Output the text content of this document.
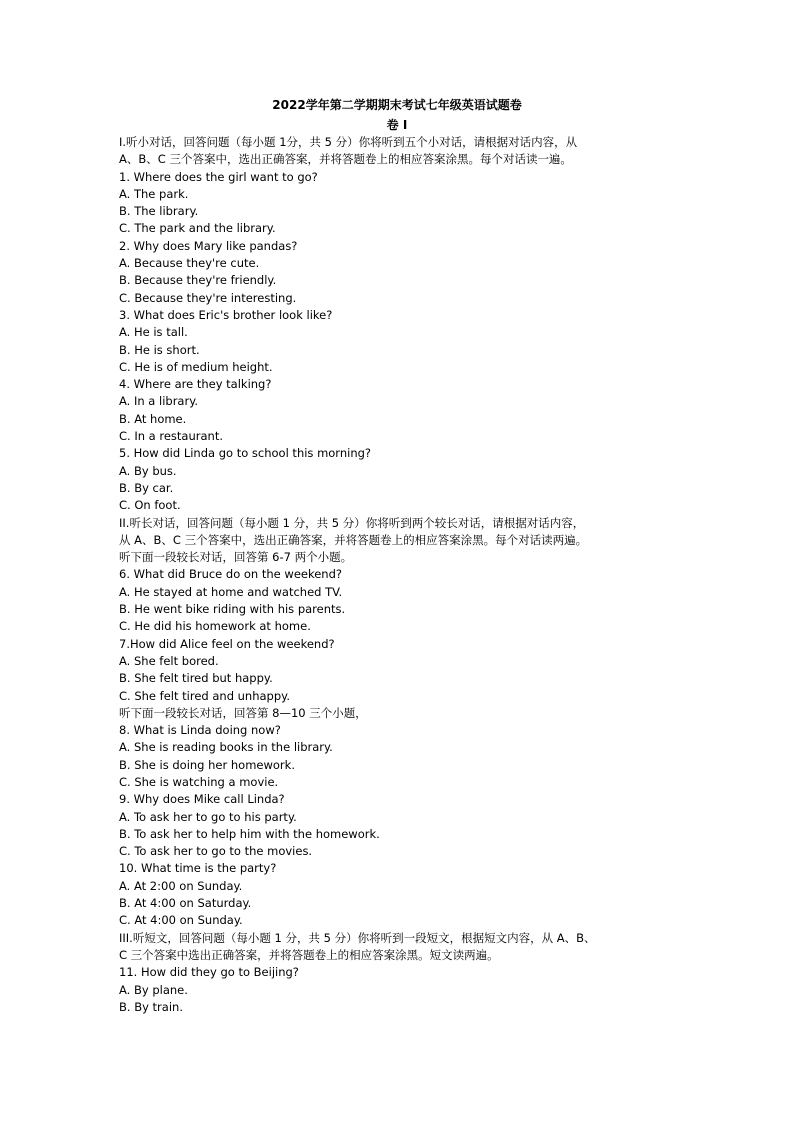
2022学年第二学期期末考试七年级英语试题卷
卷 I
I.听小对话，回答问题（每小题 1分，共 5 分）你将听到五个小对话，请根据对话内容，从
A、B、C 三个答案中，选出正确答案，并将答题卷上的相应答案涂黑。每个对话读一遍。
1. Where does the girl want to go?
A. The park.
B. The library.
C. The park and the library.
2. Why does Mary like pandas?
A. Because they're cute.
B. Because they're friendly.
C. Because they're interesting.
3. What does Eric's brother look like?
A. He is tall.
B. He is short.
C. He is of medium height.
4. Where are they talking?
A. In a library.
B. At home.
C. In a restaurant.
5. How did Linda go to school this morning?
A. By bus.
B. By car.
C. On foot.
II.听长对话，回答问题（每小题 1 分，共 5 分）你将听到两个较长对话，请根据对话内容，
从 A、B、C 三个答案中，选出正确答案，并将答题卷上的相应答案涂黑。每个对话读两遍。
听下面一段较长对话，回答第 6-7 两个小题。
6. What did Bruce do on the weekend?
A. He stayed at home and watched TV.
B. He went bike riding with his parents.
C. He did his homework at home.
7.How did Alice feel on the weekend?
A. She felt bored.
B. She felt tired but happy.
C. She felt tired and unhappy.
听下面一段较长对话，回答第 8—10 三个小题，
8. What is Linda doing now?
A. She is reading books in the library.
B. She is doing her homework.
C. She is watching a movie.
9. Why does Mike call Linda?
A. To ask her to go to his party.
B. To ask her to help him with the homework.
C. To ask her to go to the movies.
10. What time is the party?
A. At 2:00 on Sunday.
B. At 4:00 on Saturday.
C. At 4:00 on Sunday.
III.听短文，回答问题（每小题 1 分，共 5 分）你将听到一段短文，根据短文内容，从 A、B、
C 三个答案中选出正确答案，并将答题卷上的相应答案涂黑。短文读两遍。
11. How did they go to Beijing?
A. By plane.
B. By train.
